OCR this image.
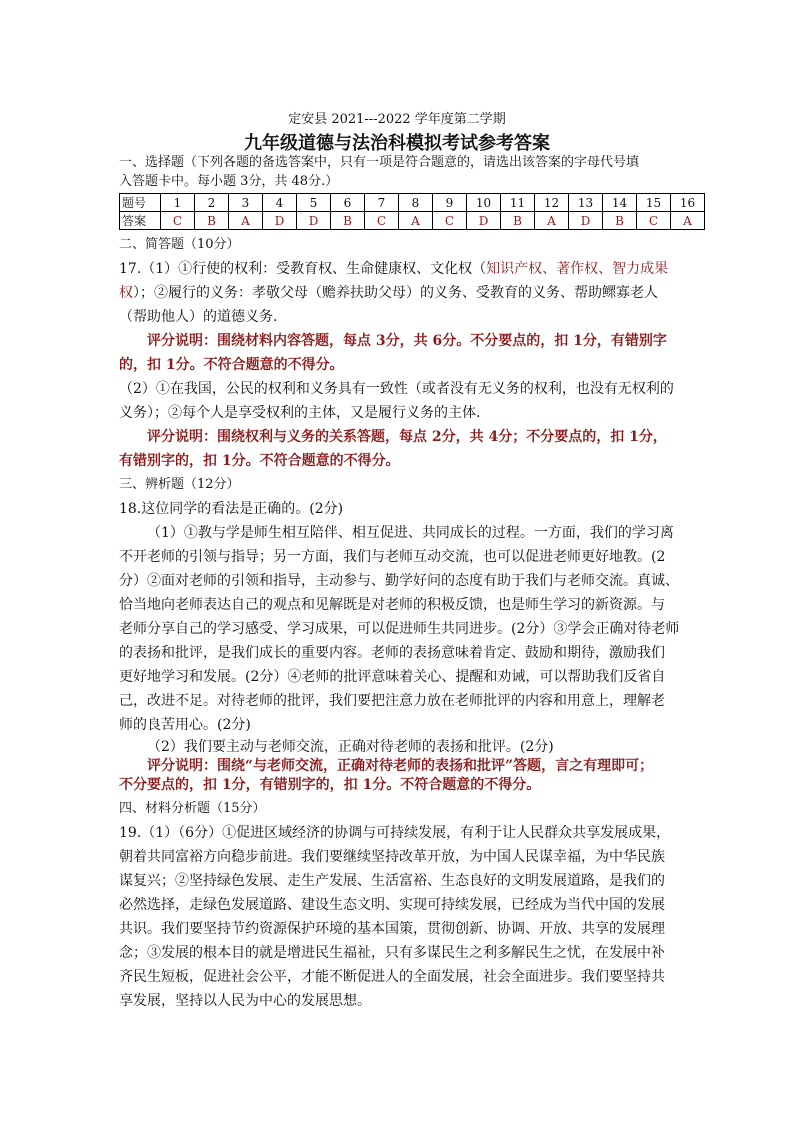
定安县 2021---2022 学年度第二学期
九年级道德与法治科模拟考试参考答案
一、选择题（下列各题的备选答案中，只有一项是符合题意的，请选出该答案的字母代号填
入答题卡中。每小题 3分，共 48分.）
题号	1	2	3	4	5	6	7	8	9	10	11	12	13	14	15	16
答案	C	B	A	D	D	B	C	A	C	D	B	A	D	B	C	A
二、简答题（10分）
17.（1）①行使的权利：受教育权、生命健康权、文化权（知识产权、著作权、智力成果
权）；②履行的义务：孝敬父母（赡养扶助父母）的义务、受教育的义务、帮助鳏寡老人
（帮助他人）的道德义务.
评分说明：围绕材料内容答题，每点 3分，共 6分。不分要点的，扣 1分，有错别字
的，扣 1分。不符合题意的不得分。
（2）①在我国，公民的权利和义务具有一致性（或者没有无义务的权利，也没有无权利的
义务）；②每个人是享受权利的主体，又是履行义务的主体.
评分说明：围绕权利与义务的关系答题，每点 2分，共 4分；不分要点的，扣 1分，
有错别字的，扣 1分。不符合题意的不得分。
三、辨析题（12分）
18.这位同学的看法是正确的。(2分)
（1）①教与学是师生相互陪伴、相互促进、共同成长的过程。一方面，我们的学习离
不开老师的引领与指导；另一方面，我们与老师互动交流，也可以促进老师更好地教。(2
分）②面对老师的引领和指导，主动参与、勤学好问的态度有助于我们与老师交流。真诚、
恰当地向老师表达自己的观点和见解既是对老师的积极反馈，也是师生学习的新资源。与
老师分享自己的学习感受、学习成果，可以促进师生共同进步。(2分）③学会正确对待老师
的表扬和批评，是我们成长的重要内容。老师的表扬意味着肯定、鼓励和期待，激励我们
更好地学习和发展。(2分）④老师的批评意味着关心、提醒和劝诫，可以帮助我们反省自
己，改进不足。对待老师的批评，我们要把注意力放在老师批评的内容和用意上，理解老
师的良苦用心。(2分)
（2）我们要主动与老师交流，正确对待老师的表扬和批评。(2分)
评分说明：围绕“与老师交流，正确对待老师的表扬和批评”答题，言之有理即可；
不分要点的，扣 1分，有错别字的，扣 1分。不符合题意的不得分。
四、材料分析题（15分）
19.（1）（6分）①促进区域经济的协调与可持续发展，有利于让人民群众共享发展成果，
朝着共同富裕方向稳步前进。我们要继续坚持改革开放，为中国人民谋幸福，为中华民族
谋复兴；②坚持绿色发展、走生产发展、生活富裕、生态良好的文明发展道路，是我们的
必然选择，走绿色发展道路、建设生态文明、实现可持续发展，已经成为当代中国的发展
共识。我们要坚持节约资源保护环境的基本国策，贯彻创新、协调、开放、共享的发展理
念；③发展的根本目的就是增进民生福祉，只有多谋民生之利多解民生之忧，在发展中补
齐民生短板，促进社会公平，才能不断促进人的全面发展，社会全面进步。我们要坚持共
享发展，坚持以人民为中心的发展思想。
